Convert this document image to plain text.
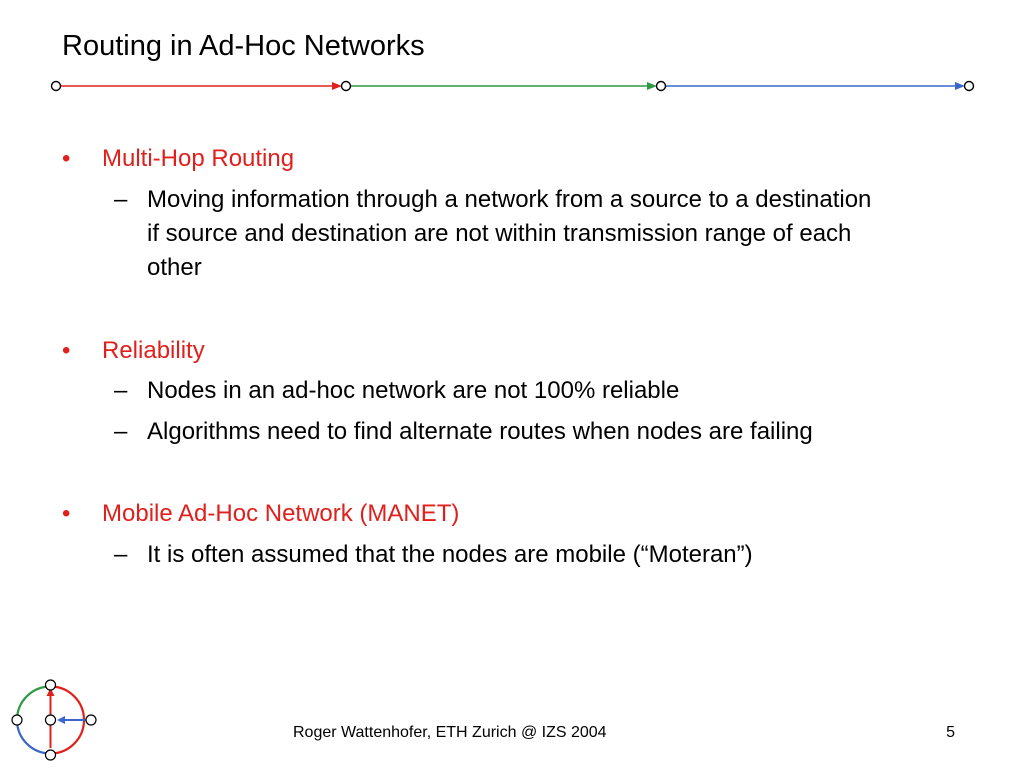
Routing in Ad-Hoc Networks
•	Multi-Hop Routing
– Moving information through a network from a source to a destination if source and destination are not within transmission range of each other
•	Reliability
– Nodes in an ad-hoc network are not 100% reliable
– Algorithms need to find alternate routes when nodes are failing
•	Mobile Ad-Hoc Network (MANET)
– It is often assumed that the nodes are mobile (“Moteran”)
Roger Wattenhofer, ETH Zurich @ IZS 2004	5
